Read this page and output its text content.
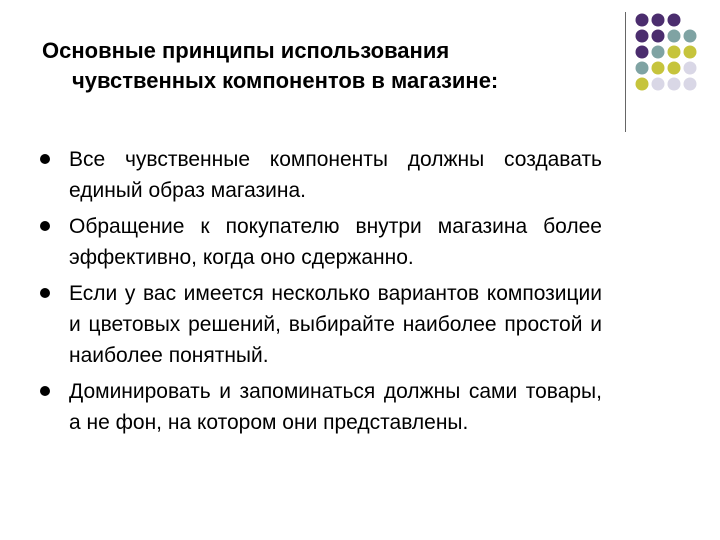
Основные принципы использования
чувственных компонентов в магазине:
Все чувственные компоненты должны создавать единый образ магазина.
Обращение к покупателю внутри магазина более эффективно, когда оно сдержанно.
Если у вас имеется несколько вариантов композиции и цветовых решений, выбирайте наиболее простой и наиболее понятный.
Доминировать и запоминаться должны сами товары, а не фон, на котором они представлены.
